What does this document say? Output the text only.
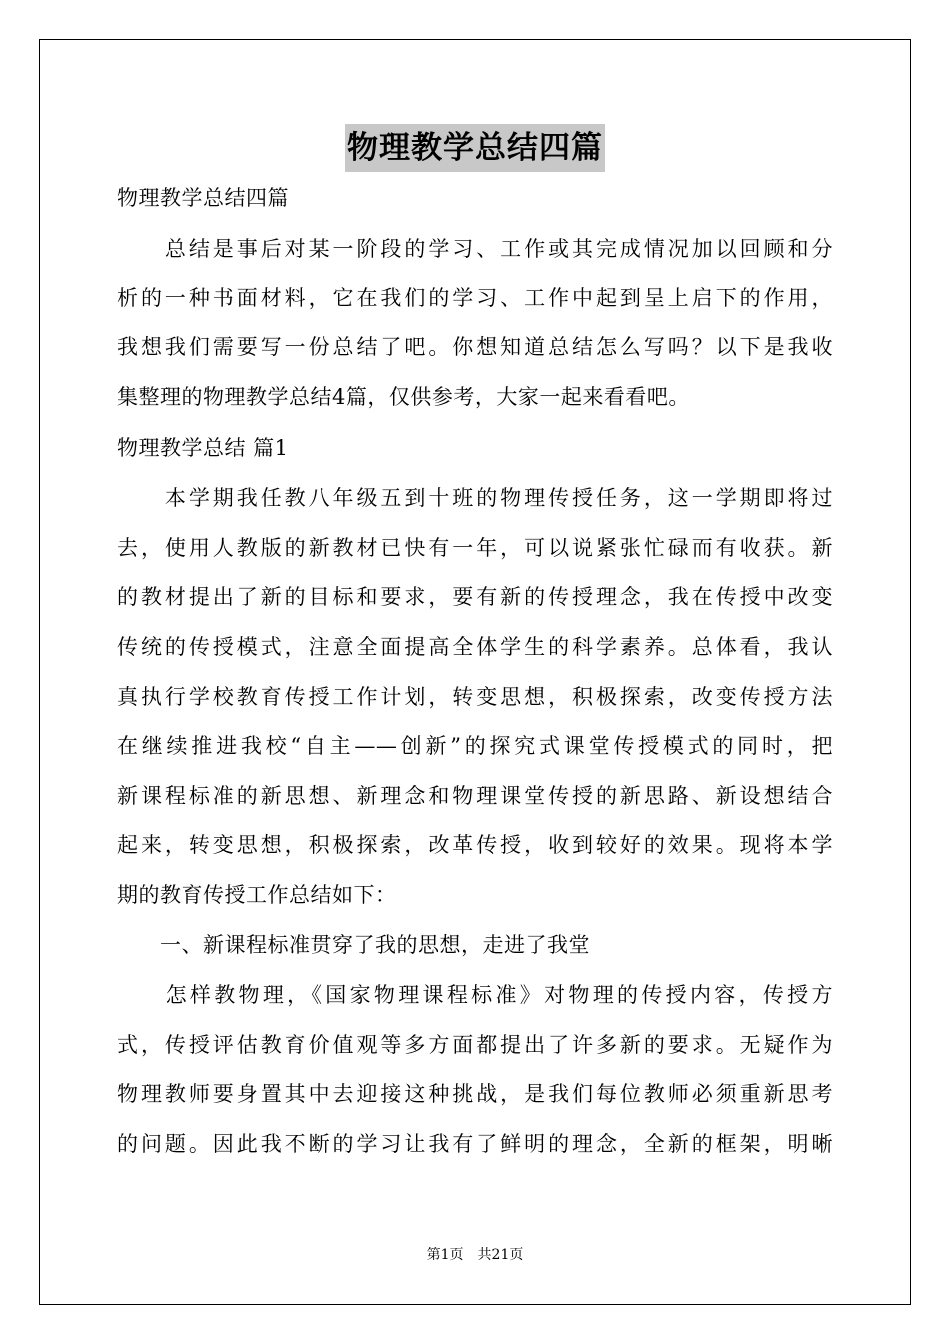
物理教学总结四篇
物理教学总结四篇
　　总结是事后对某一阶段的学习、工作或其完成情况加以回顾和分
析的一种书面材料，它在我们的学习、工作中起到呈上启下的作用，
我想我们需要写一份总结了吧。你想知道总结怎么写吗？以下是我收
集整理的物理教学总结4篇，仅供参考，大家一起来看看吧。
物理教学总结 篇1
　　本学期我任教八年级五到十班的物理传授任务，这一学期即将过
去，使用人教版的新教材已快有一年，可以说紧张忙碌而有收获。新
的教材提出了新的目标和要求，要有新的传授理念，我在传授中改变
传统的传授模式，注意全面提高全体学生的科学素养。总体看，我认
真执行学校教育传授工作计划，转变思想，积极探索，改变传授方法
在继续推进我校“自主——创新”的探究式课堂传授模式的同时，把
新课程标准的新思想、新理念和物理课堂传授的新思路、新设想结合
起来，转变思想，积极探索，改革传授，收到较好的效果。现将本学
期的教育传授工作总结如下：
　　一、新课程标准贯穿了我的思想，走进了我堂
　　怎样教物理，《国家物理课程标准》对物理的传授内容，传授方
式，传授评估教育价值观等多方面都提出了许多新的要求。无疑作为
物理教师要身置其中去迎接这种挑战，是我们每位教师必须重新思考
的问题。因此我不断的学习让我有了鲜明的理念，全新的框架，明晰
第1页　共21页
